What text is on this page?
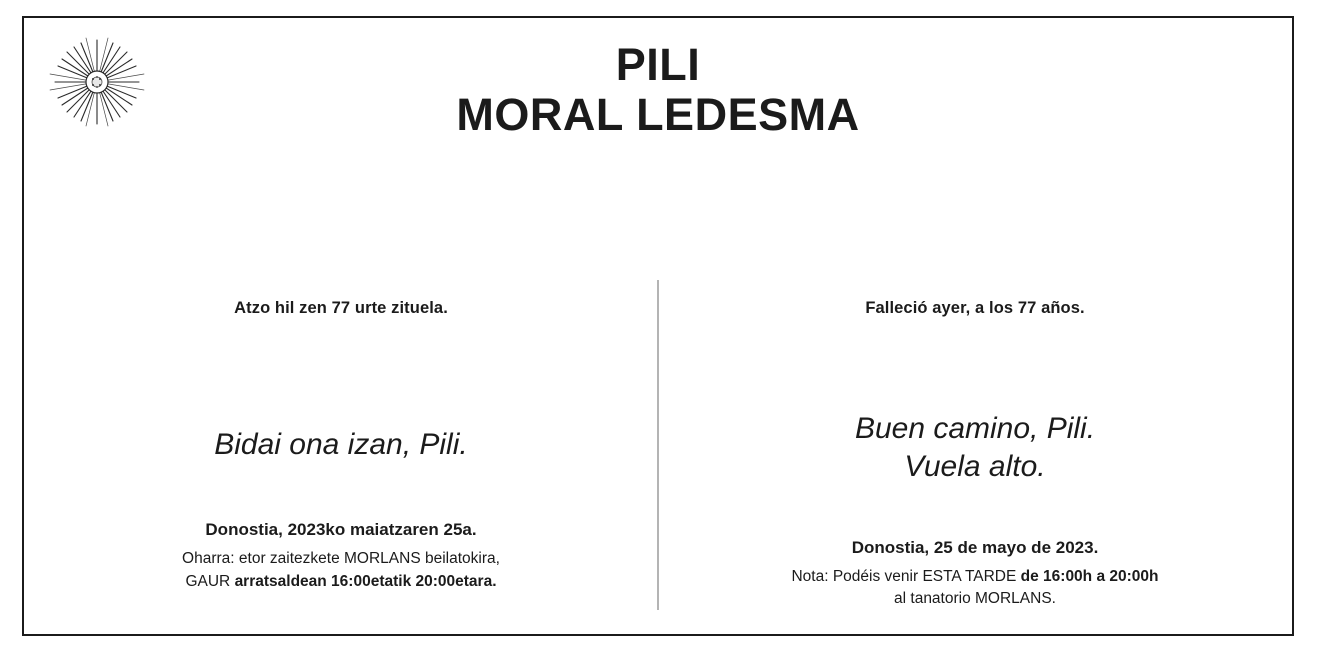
PILI
MORAL LEDESMA
Atzo hil zen 77 urte zituela.
Bidai ona izan, Pili.
Donostia, 2023ko maiatzaren 25a.
Oharra: etor zaitezkete MORLANS beilatokira,
GAUR arratsaldean 16:00etatik 20:00etara.
Falleció ayer, a los 77 años.
Buen camino, Pili.
Vuela alto.
Donostia, 25 de mayo de 2023.
Nota: Podéis venir ESTA TARDE de 16:00h a 20:00h
al tanatorio MORLANS.
